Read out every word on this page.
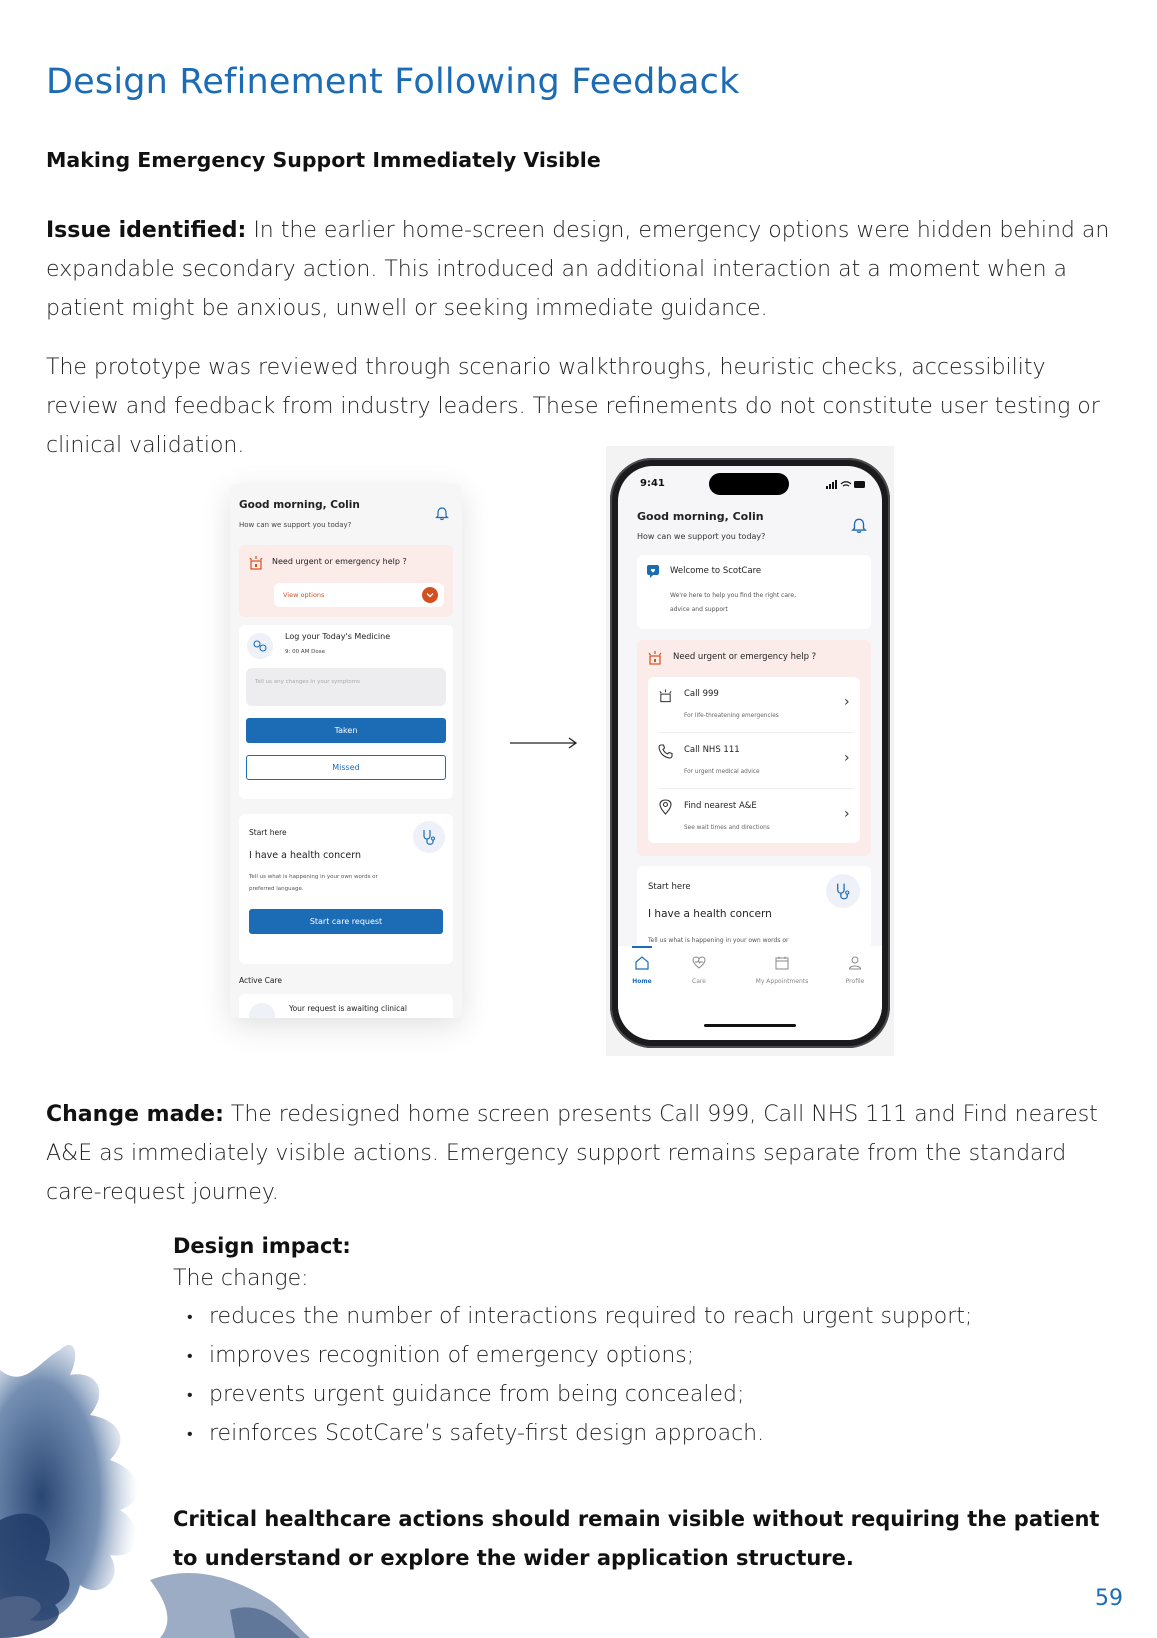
Design Refinement Following Feedback
Making Emergency Support Immediately Visible
Issue identified: In the earlier home-screen design, emergency options were hidden behind an expandable secondary action. This introduced an additional interaction at a moment when a patient might be anxious, unwell or seeking immediate guidance.
The prototype was reviewed through scenario walkthroughs, heuristic checks, accessibility review and feedback from industry leaders. These refinements do not constitute user testing or clinical validation.
Good morning, Colin
How can we support you today?
Need urgent or emergency help ?
View options
Log your Today's Medicine
9: 00 AM Dose
Tell us any changes in your symptoms
Taken
Missed
Start here
I have a health concern
Tell us what is happening in your own words or
preferred language.
Start care request
Active Care
Your request is awaiting clinical
9:41
Good morning, Colin
How can we support you today?
Welcome to ScotCare
We're here to help you find the right care,
advice and support
Need urgent or emergency help ?
Call 999
For life-threatening emergencies
›
Call NHS 111
For urgent medical advice
›
Find nearest A&E
See wait times and directions
›
Start here
I have a health concern
Tell us what is happening in your own words or
Home	Care	My Appointments	Profile
Change made: The redesigned home screen presents Call 999, Call NHS 111 and Find nearest A&E as immediately visible actions. Emergency support remains separate from the standard care-request journey.
Design impact:
The change:
• reduces the number of interactions required to reach urgent support;
• improves recognition of emergency options;
• prevents urgent guidance from being concealed;
• reinforces ScotCare’s safety-first design approach.
Critical healthcare actions should remain visible without requiring the patient to understand or explore the wider application structure.
59
